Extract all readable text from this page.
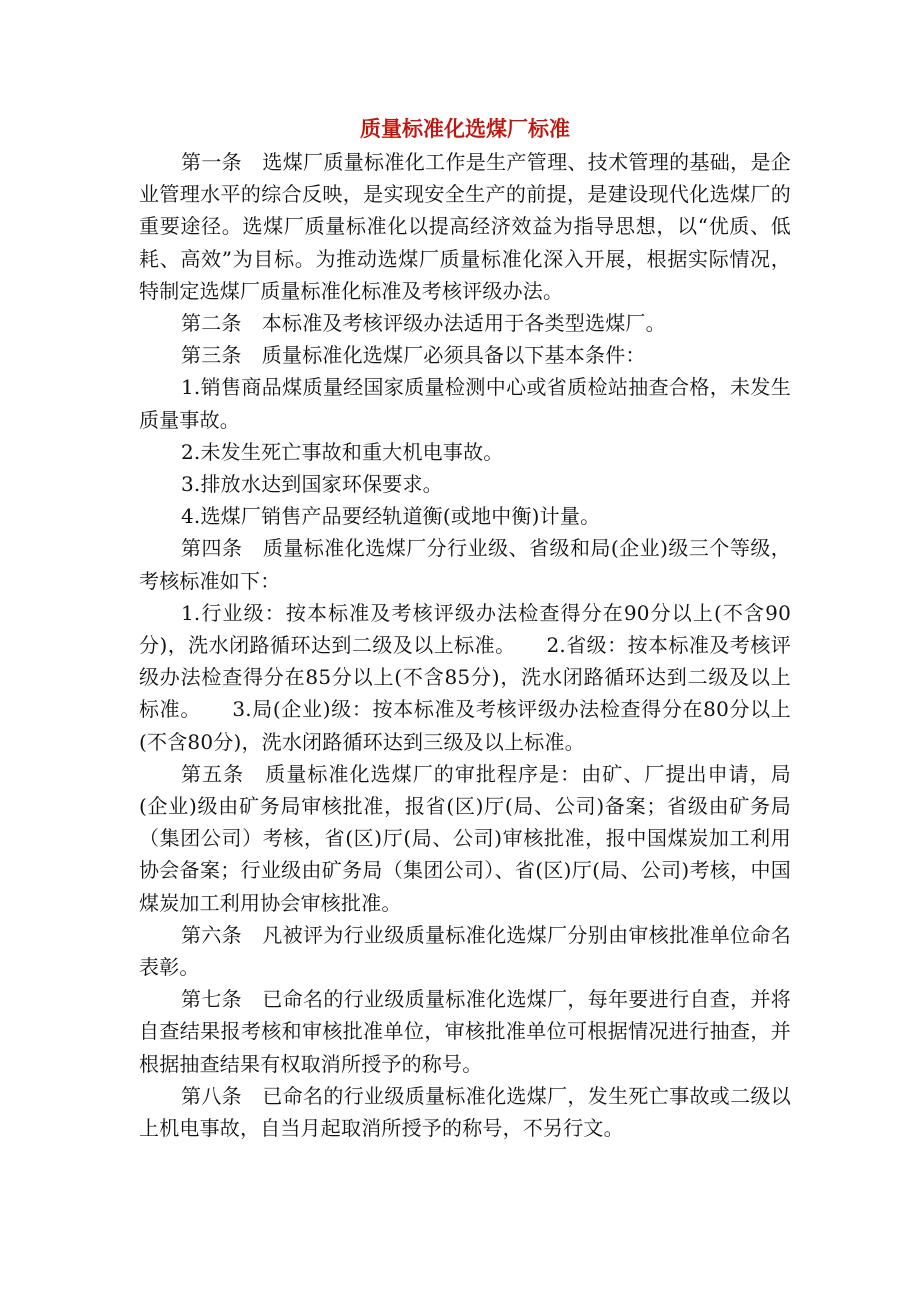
质量标准化选煤厂标准

第一条　选煤厂质量标准化工作是生产管理、技术管理的基础，是企业管理水平的综合反映，是实现安全生产的前提，是建设现代化选煤厂的重要途径。选煤厂质量标准化以提高经济效益为指导思想，以“优质、低耗、高效”为目标。为推动选煤厂质量标准化深入开展，根据实际情况，特制定选煤厂质量标准化标准及考核评级办法。

第二条　本标准及考核评级办法适用于各类型选煤厂。

第三条　质量标准化选煤厂必须具备以下基本条件：

1.销售商品煤质量经国家质量检测中心或省质检站抽查合格，未发生质量事故。

2.未发生死亡事故和重大机电事故。

3.排放水达到国家环保要求。

4.选煤厂销售产品要经轨道衡(或地中衡)计量。

第四条　质量标准化选煤厂分行业级、省级和局(企业)级三个等级，考核标准如下：

1.行业级：按本标准及考核评级办法检查得分在90分以上(不含90分)，洗水闭路循环达到二级及以上标准。　　2.省级：按本标准及考核评级办法检查得分在85分以上(不含85分)，洗水闭路循环达到二级及以上标准。　　3.局(企业)级：按本标准及考核评级办法检查得分在80分以上(不含80分)，洗水闭路循环达到三级及以上标准。

第五条　质量标准化选煤厂的审批程序是：由矿、厂提出申请，局(企业)级由矿务局审核批准，报省(区)厅(局、公司)备案；省级由矿务局（集团公司）考核，省(区)厅(局、公司)审核批准，报中国煤炭加工利用协会备案；行业级由矿务局（集团公司）、省(区)厅(局、公司)考核，中国煤炭加工利用协会审核批准。

第六条　凡被评为行业级质量标准化选煤厂分别由审核批准单位命名表彰。

第七条　已命名的行业级质量标准化选煤厂，每年要进行自查，并将自查结果报考核和审核批准单位，审核批准单位可根据情况进行抽查，并根据抽查结果有权取消所授予的称号。

第八条　已命名的行业级质量标准化选煤厂，发生死亡事故或二级以上机电事故，自当月起取消所授予的称号，不另行文。
